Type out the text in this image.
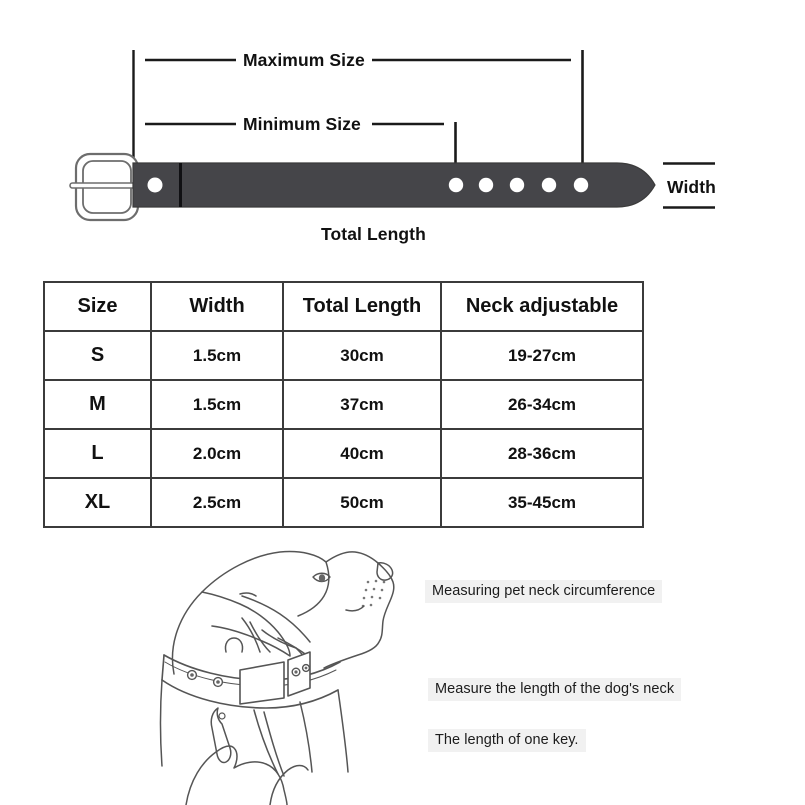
Maximum Size
Minimum Size
Width
Total Length
Size	Width	Total Length	Neck adjustable
S	1.5cm	30cm	19-27cm
M	1.5cm	37cm	26-34cm
L	2.0cm	40cm	28-36cm
XL	2.5cm	50cm	35-45cm
Measuring pet neck circumference
Measure the length of the dog's neck
The length of one key.
